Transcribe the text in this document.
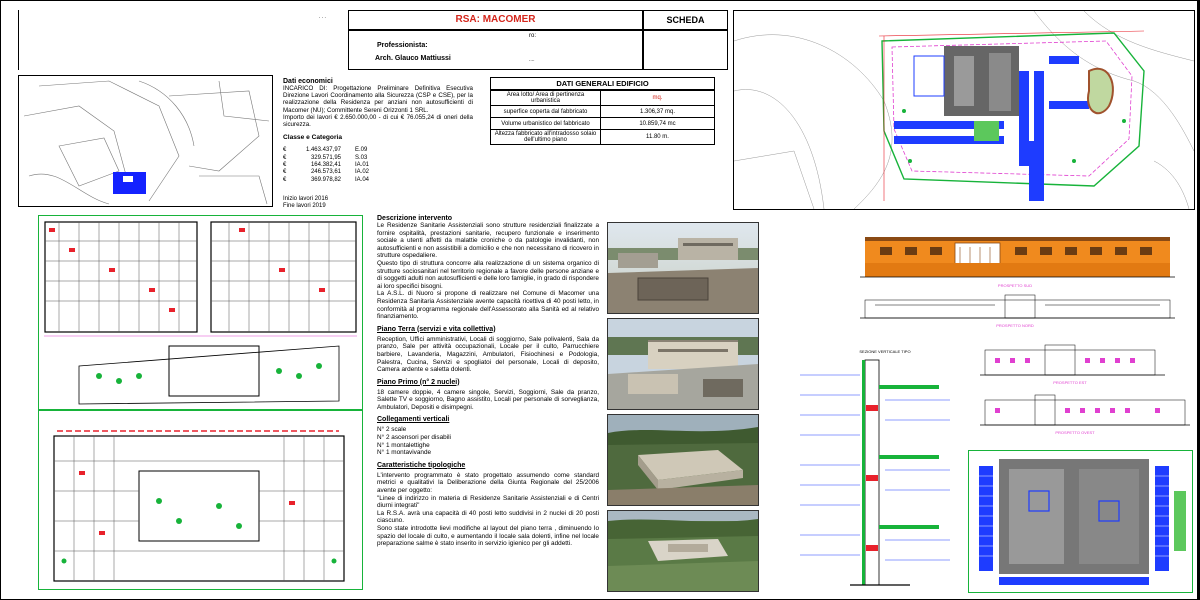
. . .	RSA: MACOMER	SCHEDA
ro:
Professionista:
Arch. Glauco Mattiussi	....
Dati economici
INCARICO DI: Progettazione Preliminare Definitiva Esecutiva Direzione Lavori Coordinamento alla Sicurezza (CSP e CSE), per la realizzazione della Residenza per anziani non autosufficienti di Macomer (NU); Committente Sereni Orizzonti 1 SRL.
Importo dei lavori € 2.650.000,00 - di cui € 76.055,24 di oneri della sicurezza.
Classe e Categoria
€	1.463.437,97 E.09
€	329.571,95 S.03
€	164.382,41 IA.01
€	246.573,61 IA.02
€	369.978,82 IA.04
Inizio lavori 2016
Fine lavori 2019
DATI GENERALI EDIFICIO
Area lotto/ Area di pertinenza urbanistica	mq.
superfice coperta dal fabbricato	1.306,37 mq.
Volume urbanistico del fabbricato	10.859,74 mc
Altezza fabbricato all'intradosso solaio dell'ultimo piano	11.80 m.
Descrizione intervento
Le Residenze Sanitarie Assistenziali sono strutture residenziali finalizzate a fornire ospitalità, prestazioni sanitarie, recupero funzionale e inserimento sociale a utenti affetti da malattie croniche o da patologie invalidanti, non autosufficienti e non assistibili a domicilio e che non necessitano di ricovero in strutture ospedaliere.
Questo tipo di struttura concorre alla realizzazione di un sistema organico di strutture sociosanitari nel territorio regionale a favore delle persone anziane e di soggetti adulti non autosufficienti e delle loro famiglie, in grado di rispondere ai loro specifici bisogni.
La A.S.L. di Nuoro si propone di realizzare nel Comune di Macomer una Residenza Sanitaria Assistenziale avente capacità ricettiva di 40 posti letto, in conformità al programma regionale dell'Assessorato alla Sanità ed al relativo finanziamento.
Piano Terra (servizi e vita collettiva)
Reception, Uffici amministrativi, Locali di soggiorno, Sale polivalenti, Sala da pranzo, Sale per attività occupazionali, Locale per il culto, Parrucchiere barbiere, Lavanderia, Magazzini, Ambulatori, Fisiochinesi e Podologia, Palestra, Cucina, Servizi e spogliatoi del personale, Locali di deposito, Camera ardente e saletta dolenti.
Piano Primo (n° 2 nuclei)
18 camere doppie, 4 camere singole, Servizi, Soggiorni, Sale da pranzo, Salette TV e soggiorno, Bagno assistito, Locali per personale di sorveglianza, Ambulatori, Depositi e disimpegni.
Collegamenti verticali
N° 2 scale
N° 2 ascensori per disabili
N° 1 montalettighe
N° 1 montavivande
Caratteristiche tipologiche
L'intervento programmato è stato progettato assumendo come standard metrici e qualitativi la Deliberazione della Giunta Regionale del 25/2006 avente per oggetto:
"Linee di indirizzo in materia di Residenze Sanitarie Assistenziali e di Centri diurni integrati"
La R.S.A. avrà una capacità di 40 posti letto suddivisi in 2 nuclei di 20 posti ciascuno.
Sono state introdotte lievi modifiche al layout del piano terra , diminuendo lo spazio del locale di culto, e aumentando il locale sala dolenti, infine nel locale preparazione salme è stato inserito in servizio igienico per gli addetti.
PROSPETTO SUD
PROSPETTO NORD
PROSPETTO EST
PROSPETTO OVEST
SEZIONE VERTICALE TIPO
